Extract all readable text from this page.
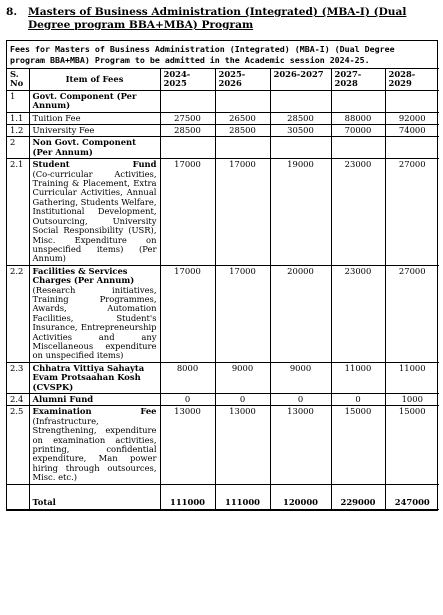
8.	Masters of Business Administration (Integrated) (MBA-I) (Dual Degree program BBA+MBA) Program
Fees for Masters of Business Administration (Integrated) (MBA-I) (Dual Degree program BBA+MBA) Program to be admitted in the Academic session 2024-25.
S. No	Item of Fees	2024-2025	2025-2026	2026-2027	2027-2028	2028-2029
1	Govt. Component (Per Annum)					

1.1	Tuition Fee	27500	26500	28500	88000	92000
1.2	University Fee	28500	28500	30500	70000	74000
2	Non Govt. Component (Per Annum)					

2.1	Student Fund
(Co-curricular Activities, Training & Placement, Extra Curricular Activities, Annual Gathering, Students Welfare, Institutional Development, Outsourcing, University Social Responsibility (USR), Misc. Expenditure on unspecified items) (Per Annum)	17000	17000	19000	23000	27000
2.2	Facilities & Services Charges (Per Annum)
(Research initiatives, Training Programmes, Awards, Automation Facilities, Student's Insurance, Entrepreneurship Activities and any Miscellaneous expenditure on unspecified items)	17000	17000	20000	23000	27000
2.3	Chhatra Vittiya Sahayta Evam Protsaahan Kosh (CVSPK)	8000	9000	9000	11000	11000
2.4	Alumni Fund	0	0	0	0	1000
2.5	Examination Fee
(Infrastructure, Strengthening, expenditure on examination activities, printing, confidential expenditure, Man power hiring through outsources, Misc. etc.)	13000	13000	13000	15000	15000
	Total	111000	111000	120000	229000	247000
